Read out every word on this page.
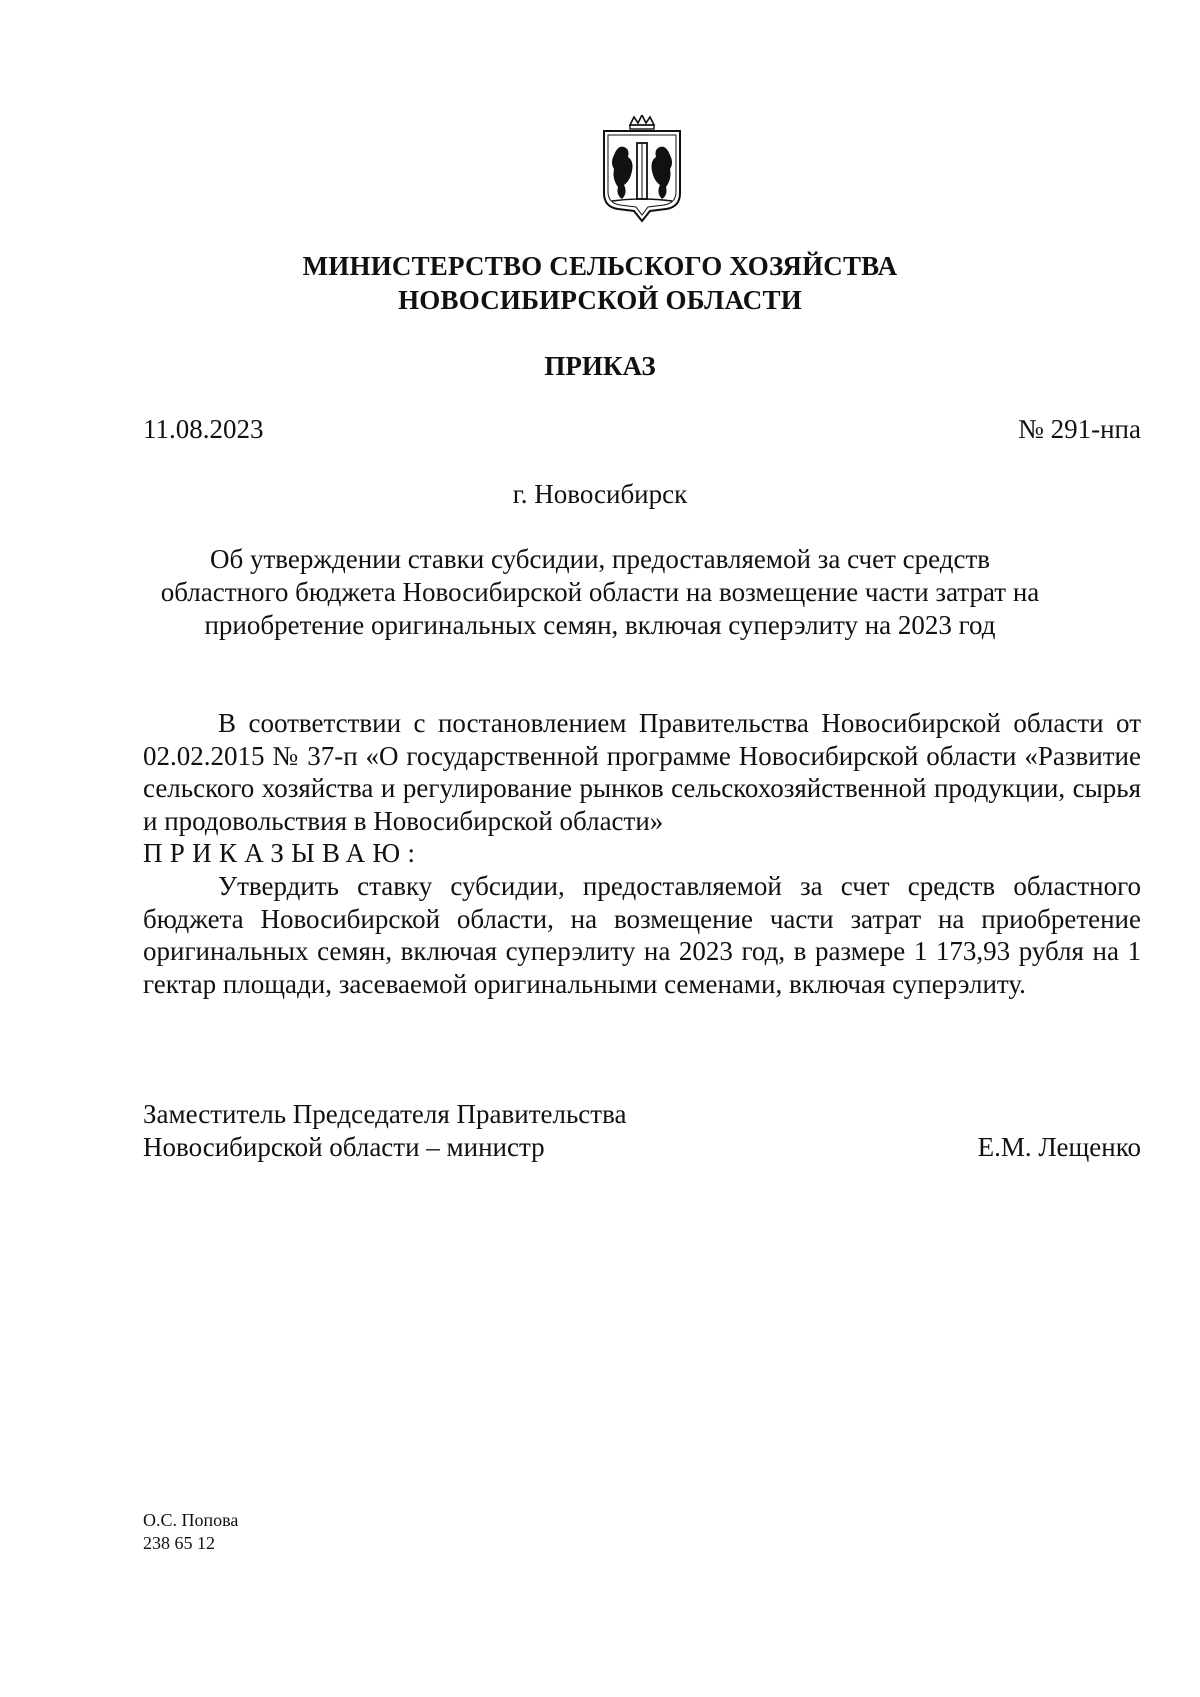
МИНИСТЕРСТВО СЕЛЬСКОГО ХОЗЯЙСТВА
НОВОСИБИРСКОЙ ОБЛАСТИ
ПРИКАЗ
11.08.2023	№ 291-нпа
г. Новосибирск
Об утверждении ставки субсидии, предоставляемой за счет средств областного бюджета Новосибирской области на возмещение части затрат на приобретение оригинальных семян, включая суперэлиту на 2023 год

В соответствии с постановлением Правительства Новосибирской области от 02.02.2015 № 37-п «О государственной программе Новосибирской области «Развитие сельского хозяйства и регулирование рынков сельскохозяйственной продукции, сырья и продовольствия в Новосибирской области»

ПРИКАЗЫВАЮ:

Утвердить ставку субсидии, предоставляемой за счет средств областного бюджета Новосибирской области, на возмещение части затрат на приобретение оригинальных семян, включая суперэлиту на 2023 год, в размере 1 173,93 рубля на 1 гектар площади, засеваемой оригинальными семенами, включая суперэлиту.

Заместитель Председателя Правительства
Новосибирской области – министр	Е.М. Лещенко
О.С. Попова
238 65 12
